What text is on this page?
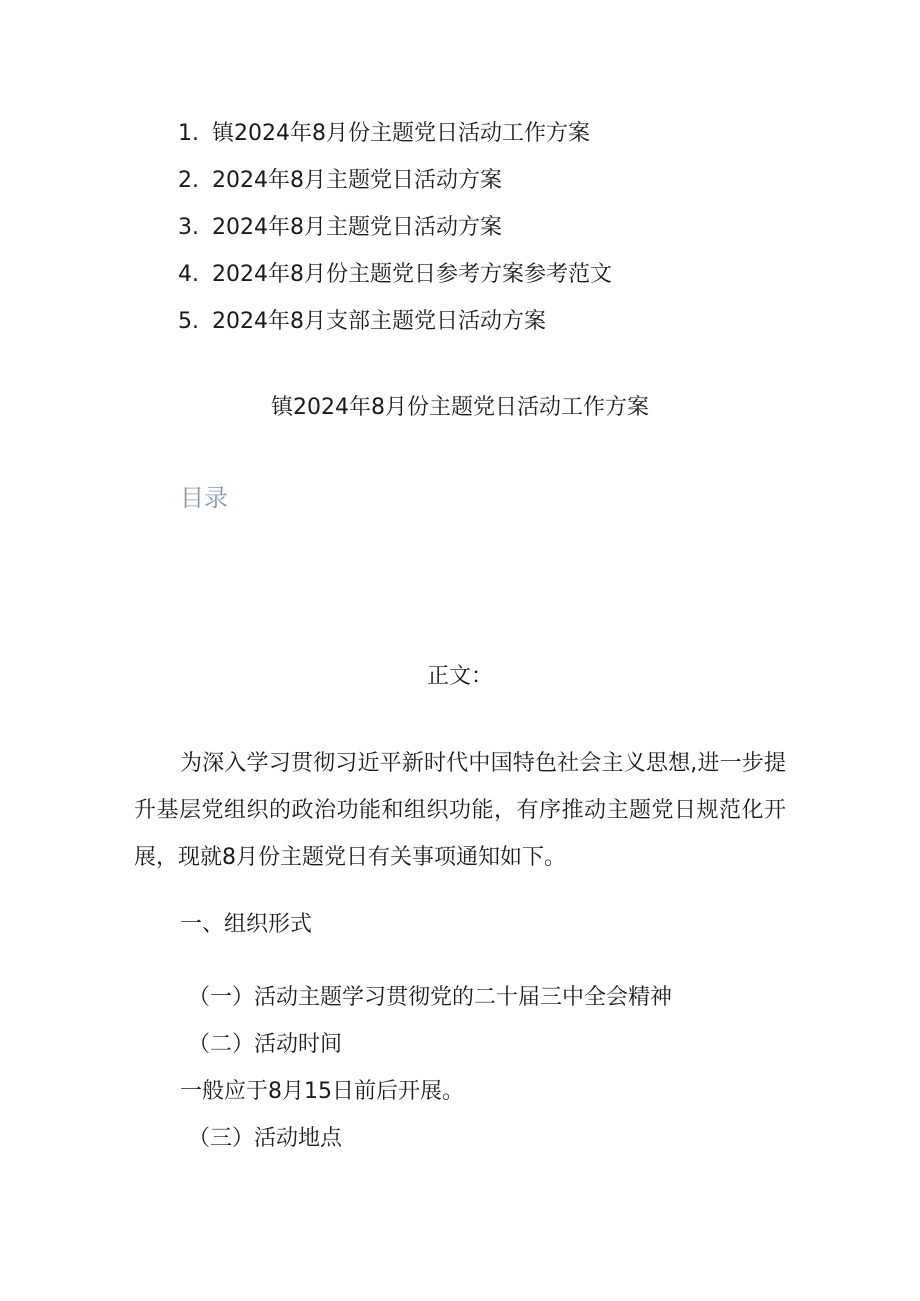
1. 镇2024年8月份主题党日活动工作方案
2. 2024年8月主题党日活动方案
3. 2024年8月主题党日活动方案
4. 2024年8月份主题党日参考方案参考范文
5. 2024年8月支部主题党日活动方案
镇2024年8月份主题党日活动工作方案
目录
正文：

为深入学习贯彻习近平新时代中国特色社会主义思想,进一步提升基层党组织的政治功能和组织功能，有序推动主题党日规范化开展，现就8月份主题党日有关事项通知如下。

一、组织形式
（一）活动主题学习贯彻党的二十届三中全会精神
（二）活动时间
一般应于8月15日前后开展。
（三）活动地点
